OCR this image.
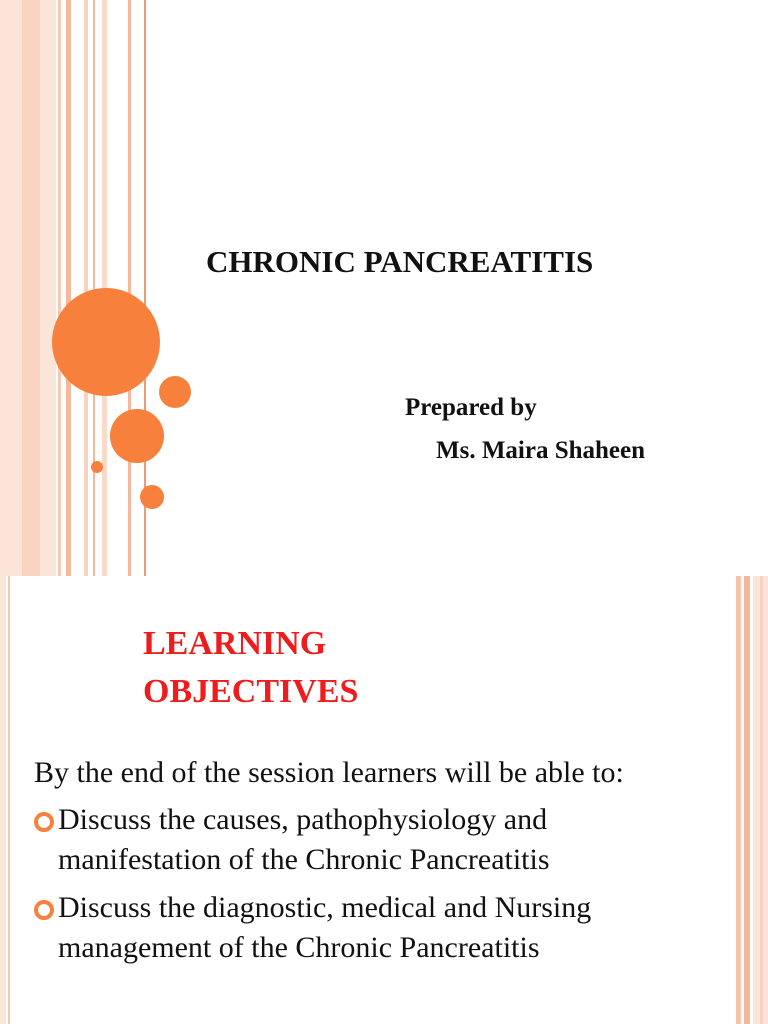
CHRONIC PANCREATITIS
Prepared by
Ms. Maira Shaheen
LEARNING
OBJECTIVES
By the end of the session learners will be able to:
Discuss the causes, pathophysiology and
manifestation of the Chronic Pancreatitis
Discuss the diagnostic, medical and Nursing
management of the Chronic Pancreatitis
